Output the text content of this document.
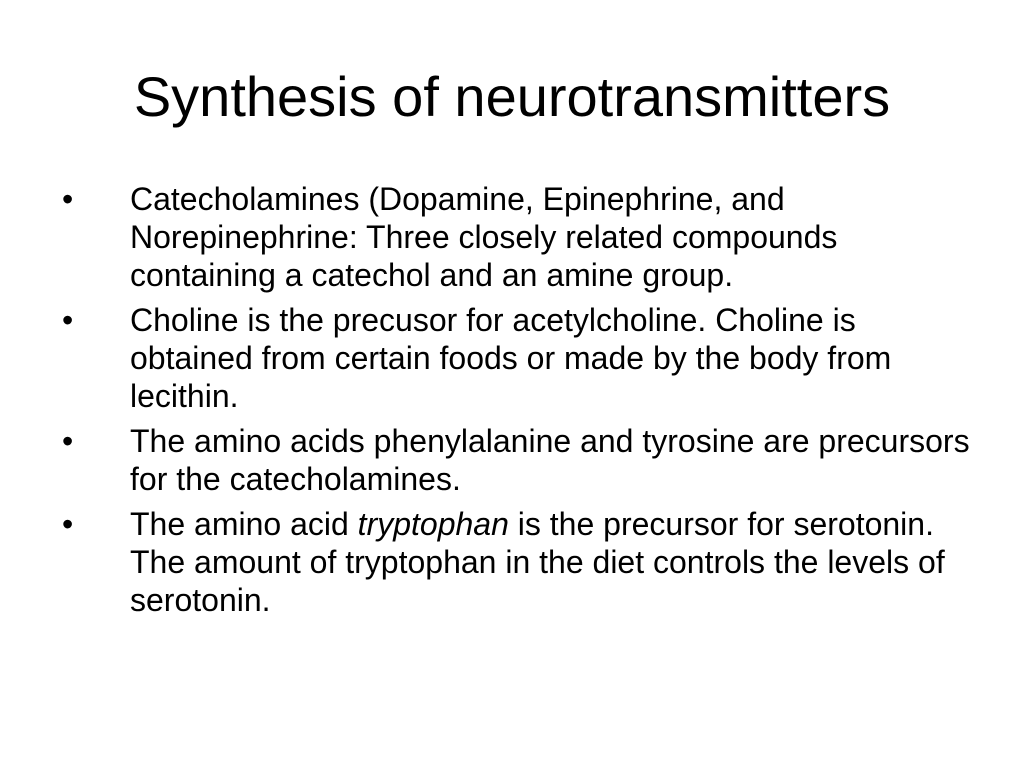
Synthesis of neurotransmitters
• Catecholamines (Dopamine, Epinephrine, and Norepinephrine: Three closely related compounds containing a catechol and an amine group.
• Choline is the precusor for acetylcholine. Choline is obtained from certain foods or made by the body from lecithin.
• The amino acids phenylalanine and tyrosine are precursors for the catecholamines.
• The amino acid tryptophan is the precursor for serotonin. The amount of tryptophan in the diet controls the levels of serotonin.
